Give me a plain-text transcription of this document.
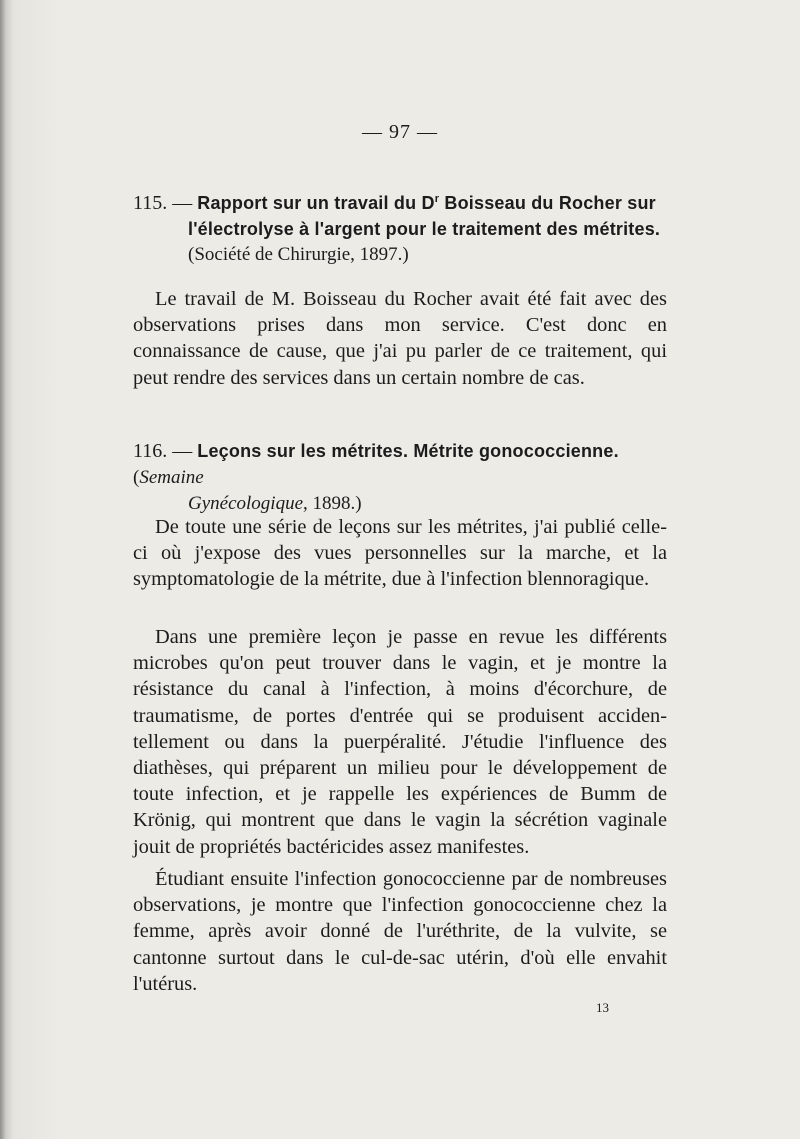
— 97 —
115. — Rapport sur un travail du $D^r$ Boisseau du Rocher sur
l'électrolyse à l'argent pour le traitement des métrites.
(Société de Chirurgie, 1897.)

Le travail de M. Boisseau du Rocher avait été fait avec des observations prises dans mon service. C'est donc en connaissance de cause, que j'ai pu parler de ce traitement, qui peut rendre des services dans un certain nombre de cas.

116. — Leçons sur les métrites. Métrite gonococcienne. (Semaine
Gynécologique, 1898.)

De toute une série de leçons sur les métrites, j'ai publié celle-ci où j'expose des vues personnelles sur la marche, et la symptomatologie de la métrite, due à l'infection blennoragique.

Dans une première leçon je passe en revue les différents microbes qu'on peut trouver dans le vagin, et je montre la résistance du canal à l'infection, à moins d'écorchure, de traumatisme, de portes d'entrée qui se produisent accidentellement ou dans la puerpéralité. J'étudie l'influence des diathèses, qui préparent un milieu pour le développement de toute infection, et je rappelle les expériences de Bumm de Krönig, qui montrent que dans le vagin la sécrétion vaginale jouit de propriétés bactéricides assez manifestes.

Étudiant ensuite l'infection gonococcienne par de nombreuses observations, je montre que l'infection gonococcienne chez la femme, après avoir donné de l'uréthrite, de la vulvite, se cantonne surtout dans le cul-de-sac utérin, d'où elle envahit l'utérus.

13
